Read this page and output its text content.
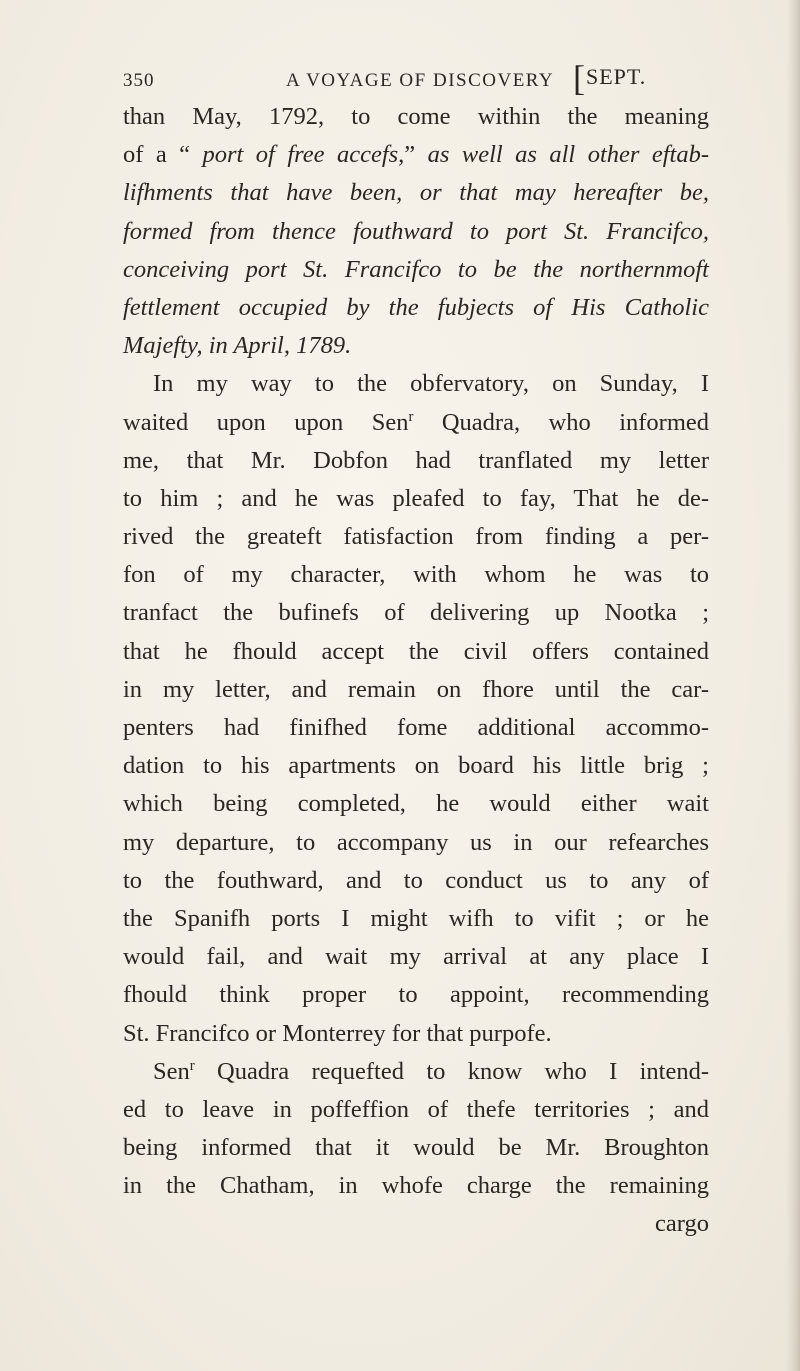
350	A VOYAGE OF DISCOVERY [SEPT.
than May, 1792, to come within the meaning
of a “ port of free accefs,” as well as all other eftab-
lifhments that have been, or that may hereafter be,
formed from thence fouthward to port St. Francifco,
conceiving port St. Francifco to be the northernmoft
fettlement occupied by the fubjects of His Catholic
Majefty, in April, 1789.
In my way to the obfervatory, on Sunday, I
waited upon upon Sen$^r$ Quadra, who informed
me, that Mr. Dobfon had tranflated my letter
to him ; and he was pleafed to fay, That he de-
rived the greateft fatisfaction from finding a per-
fon of my character, with whom he was to
tranfact the bufinefs of delivering up Nootka ;
that he fhould accept the civil offers contained
in my letter, and remain on fhore until the car-
penters had finifhed fome additional accommo-
dation to his apartments on board his little brig ;
which being completed, he would either wait
my departure, to accompany us in our refearches
to the fouthward, and to conduct us to any of
the Spanifh ports I might wifh to vifit ; or he
would fail, and wait my arrival at any place I
fhould think proper to appoint, recommending
St. Francifco or Monterrey for that purpofe.
Sen$^r$ Quadra requefted to know who I intend-
ed to leave in poffeffion of thefe territories ; and
being informed that it would be Mr. Broughton
in the Chatham, in whofe charge the remaining
cargo
